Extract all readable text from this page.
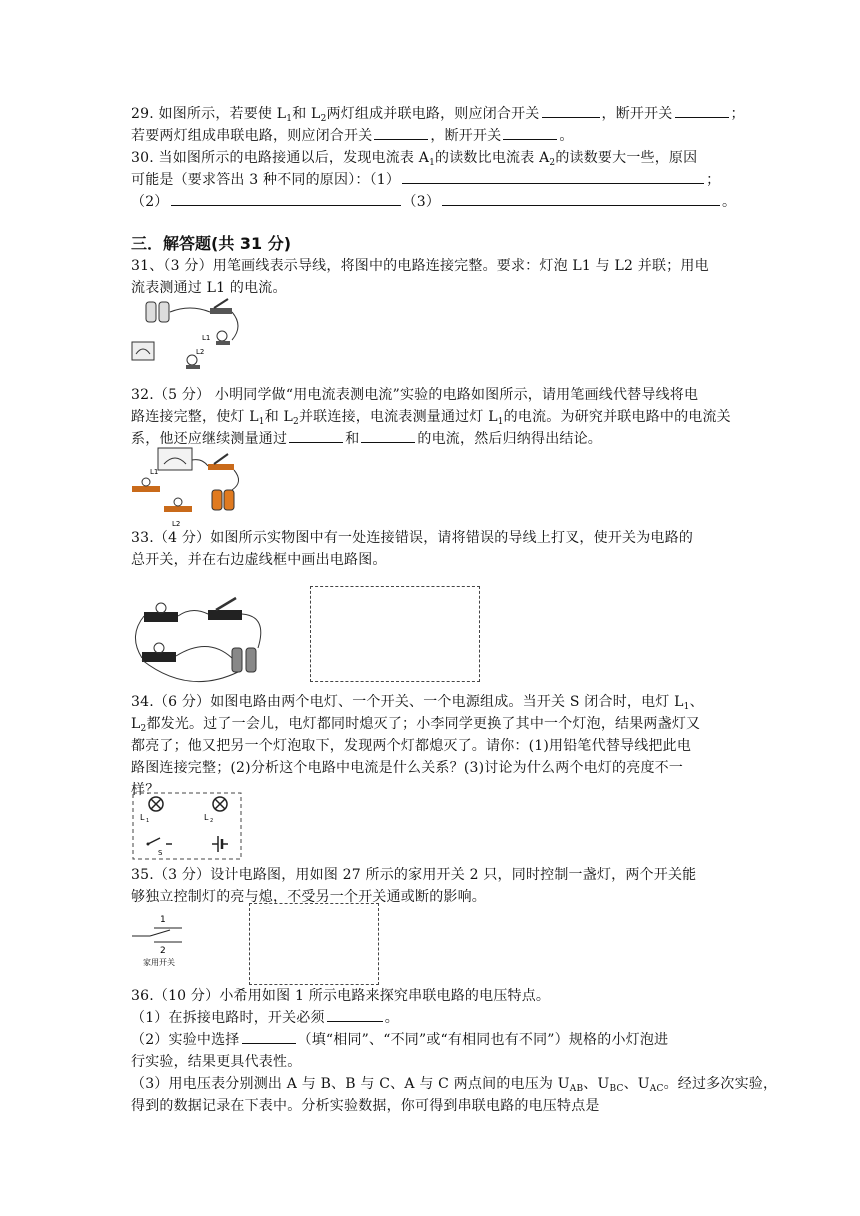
29. 如图所示，若要使 $L_1$和 $L_2$两灯组成并联电路，则应闭合开关	，断开开关	；
若要两灯组成串联电路，则应闭合开关	，断开开关	。
30. 当如图所示的电路接通以后，发现电流表 $A_1$的读数比电流表 $A_2$的读数要大一些，原因
可能是（要求答出 3 种不同的原因）：（1）	；
（2）	（3）	。
三．解答题(共 31 分)
31、（3 分）用笔画线表示导线，将图中的电路连接完整。要求：灯泡 L1 与 L2 并联；用电
流表测通过 L1 的电流。
L1
L2
32.（5 分） 小明同学做“用电流表测电流”实验的电路如图所示，请用笔画线代替导线将电
路连接完整，使灯 $L_1$和 $L_2$并联连接，电流表测量通过灯 $L_1$的电流。为研究并联电路中的电流关
系，他还应继续测量通过	和	的电流，然后归纳得出结论。
L1
L2
33.（4 分）如图所示实物图中有一处连接错误，请将错误的导线上打叉，使开关为电路的
总开关，并在右边虚线框中画出电路图。
34.（6 分）如图电路由两个电灯、一个开关、一个电源组成。当开关 S 闭合时，电灯 $L_1$、
$L_2$都发光。过了一会儿，电灯都同时熄灭了；小李同学更换了其中一个灯泡，结果两盏灯又
都亮了；他又把另一个灯泡取下，发现两个灯都熄灭了。请你：(1)用铅笔代替导线把此电
路图连接完整；(2)分析这个电路中电流是什么关系？(3)讨论为什么两个电灯的亮度不一
样？
L 1	L 2
S
35.（3 分）设计电路图，用如图 27 所示的家用开关 2 只，同时控制一盏灯，两个开关能
够独立控制灯的亮与熄，不受另一个开关通或断的影响。
1
2
家用开关
36.（10 分）小希用如图 1 所示电路来探究串联电路的电压特点。
（1）在拆接电路时，开关必须	。
（2）实验中选择	（填“相同”、“不同”或“有相同也有不同”）规格的小灯泡进
行实验，结果更具代表性。
（3）用电压表分别测出 A 与 B、B 与 C、A 与 C 两点间的电压为 $U_{AB}$、$U_{BC}$、$U_{AC}$。经过多次实验，
得到的数据记录在下表中。分析实验数据，你可得到串联电路的电压特点是
